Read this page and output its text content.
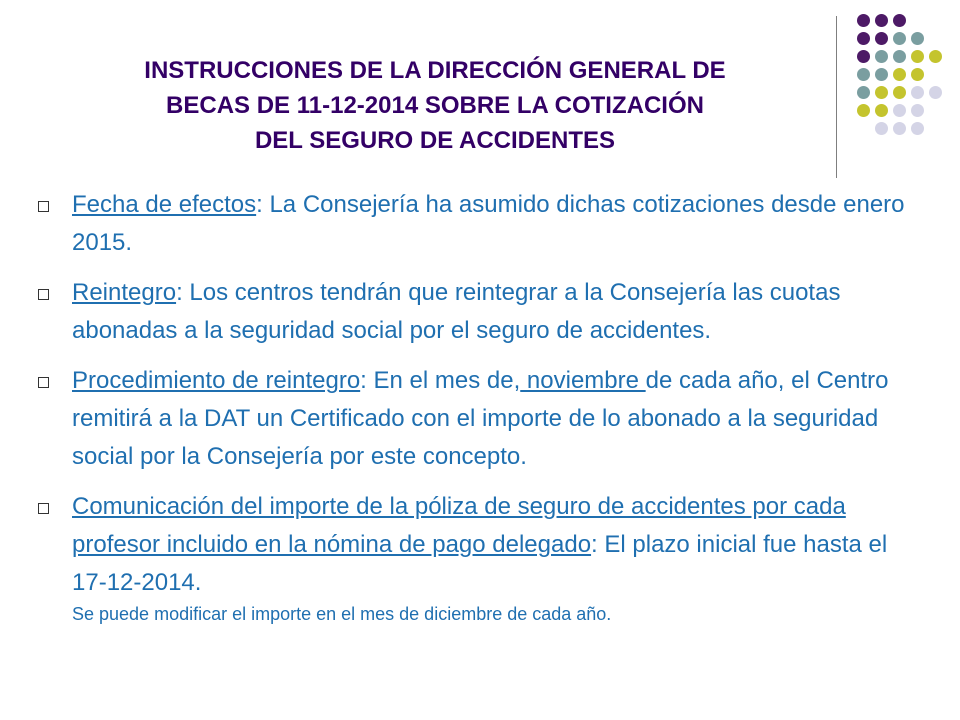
INSTRUCCIONES DE LA DIRECCIÓN GENERAL DE
BECAS DE 11-12-2014 SOBRE LA COTIZACIÓN
DEL SEGURO DE ACCIDENTES
Fecha de efectos: La Consejería ha asumido dichas cotizaciones desde enero 2015.
Reintegro: Los centros tendrán que reintegrar a la Consejería las cuotas abonadas a la seguridad social por el seguro de accidentes.
Procedimiento de reintegro: En el mes de, noviembre de cada año, el Centro remitirá a la DAT un Certificado con el importe de lo abonado a la seguridad social por la Consejería por este concepto.
Comunicación del importe de la póliza de seguro de accidentes por cada profesor incluido en la nómina de pago delegado: El plazo inicial fue hasta el 17-12-2014.
Se puede modificar el importe en el mes de diciembre de cada año.
